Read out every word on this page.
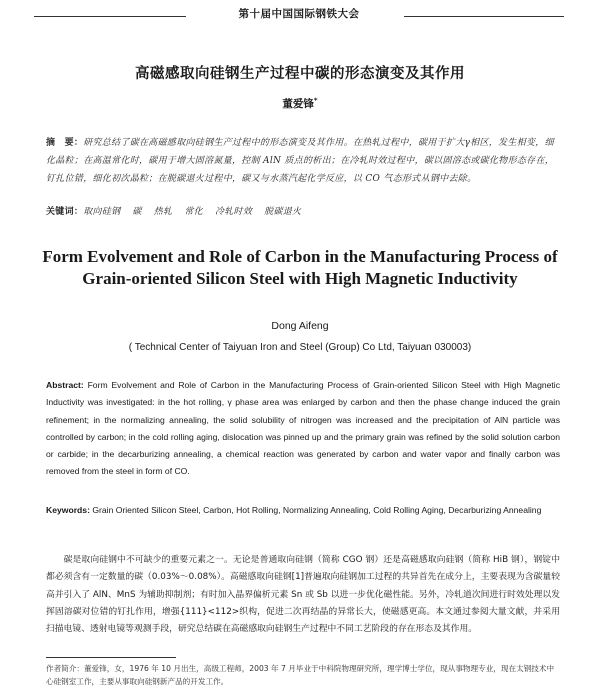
第十届中国国际钢铁大会
高磁感取向硅钢生产过程中碳的形态演变及其作用
董爱锋*
摘　要：研究总结了碳在高磁感取向硅钢生产过程中的形态演变及其作用。在热轧过程中，碳用于扩大γ相区，发生相变，细化晶粒；在高温常化时，碳用于增大固溶氮量，控制 AlN 质点的析出；在冷轧时效过程中，碳以固溶态或碳化物形态存在，钉扎位错，细化初次晶粒；在脱碳退火过程中，碳又与水蒸汽起化学反应，以 CO 气态形式从钢中去除。
关键词：取向硅钢 碳 热轧 常化 冷轧时效 脱碳退火
Form Evolvement and Role of Carbon in the Manufacturing Process of Grain-oriented Silicon Steel with High Magnetic Inductivity
Dong Aifeng
( Technical Center of Taiyuan Iron and Steel (Group) Co Ltd, Taiyuan 030003)
Abstract: Form Evolvement and Role of Carbon in the Manufacturing Process of Grain-oriented Silicon Steel with High Magnetic Inductivity was investigated: in the hot rolling, γ phase area was enlarged by carbon and then the phase change induced the grain refinement; in the normalizing annealing, the solid solubility of nitrogen was increased and the precipitation of AlN particle was controlled by carbon; in the cold rolling aging, dislocation was pinned up and the primary grain was refined by the solid solution carbon or carbide; in the decarburizing annealing, a chemical reaction was generated by carbon and water vapor and finally carbon was removed from the steel in form of CO.
Keywords: Grain Oriented Silicon Steel, Carbon, Hot Rolling, Normalizing Annealing, Cold Rolling Aging, Decarburizing Annealing
碳是取向硅钢中不可缺少的重要元素之一。无论是普通取向硅钢（简称 CGO 钢）还是高磁感取向硅钢（简称 HiB 钢），钢锭中都必须含有一定数量的碳（0.03%～0.08%）。高磁感取向硅钢[1]普遍取向硅钢加工过程的共异首先在成分上，主要表现为含碳量较高并引入了 AlN、MnS 为辅助抑制剂；有时加入晶界偏析元素 Sn 或 Sb 以进一步优化磁性能。另外，冷轧道次间进行时效处理以发挥固溶碳对位错的钉扎作用，增强{111}<112>织构，促进二次再结晶的异常长大，使磁感更高。本文通过参阅大量文献，并采用扫描电镜、透射电镜等观测手段，研究总结碳在高磁感取向硅钢生产过程中不同工艺阶段的存在形态及其作用。
作者简介：董爱锋，女，1976 年 10 月出生，高级工程师，2003 年 7 月毕业于中科院物理研究所，理学博士学位，现从事物理专业，现在太钢技术中心硅钢室工作，主要从事取向硅钢新产品的开发工作。
